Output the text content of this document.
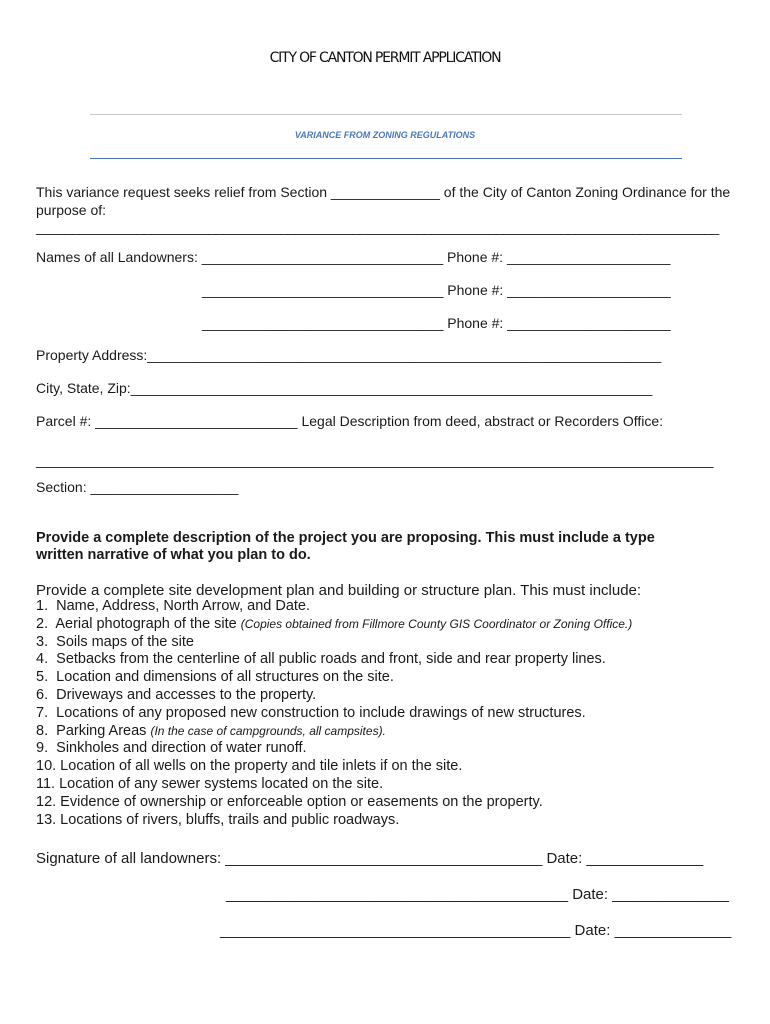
CITY OF CANTON PERMIT APPLICATION
VARIANCE FROM ZONING REGULATIONS
This variance request seeks relief from Section ______________ of the City of Canton Zoning Ordinance for the
purpose of:
_______________________________________________________________________________________________
Names of all Landowners: _______________________________ Phone #: _____________________
_______________________________ Phone #: _____________________
_______________________________ Phone #: _____________________
Property Address:__________________________________________________________________
City, State, Zip:___________________________________________________________________
Parcel #: __________________________ Legal Description from deed, abstract or Recorders Office:
_______________________________________________________________________________________
Section: ___________________
Provide a complete description of the project you are proposing. This must include a type
written narrative of what you plan to do.
Provide a complete site development plan and building or structure plan. This must include:
1.  Name, Address, North Arrow, and Date.
2.  Aerial photograph of the site (Copies obtained from Fillmore County GIS Coordinator or Zoning Office.)
3.  Soils maps of the site
4.  Setbacks from the centerline of all public roads and front, side and rear property lines.
5.  Location and dimensions of all structures on the site.
6.  Driveways and accesses to the property.
7.  Locations of any proposed new construction to include drawings of new structures.
8.  Parking Areas (In the case of campgrounds, all campsites).
9.  Sinkholes and direction of water runoff.
10. Location of all wells on the property and tile inlets if on the site.
11. Location of any sewer systems located on the site.
12. Evidence of ownership or enforceable option or easements on the property.
13. Locations of rivers, bluffs, trails and public roadways.
Signature of all landowners: ______________________________________ Date: ______________
_________________________________________ Date: ______________
__________________________________________ Date: ______________
